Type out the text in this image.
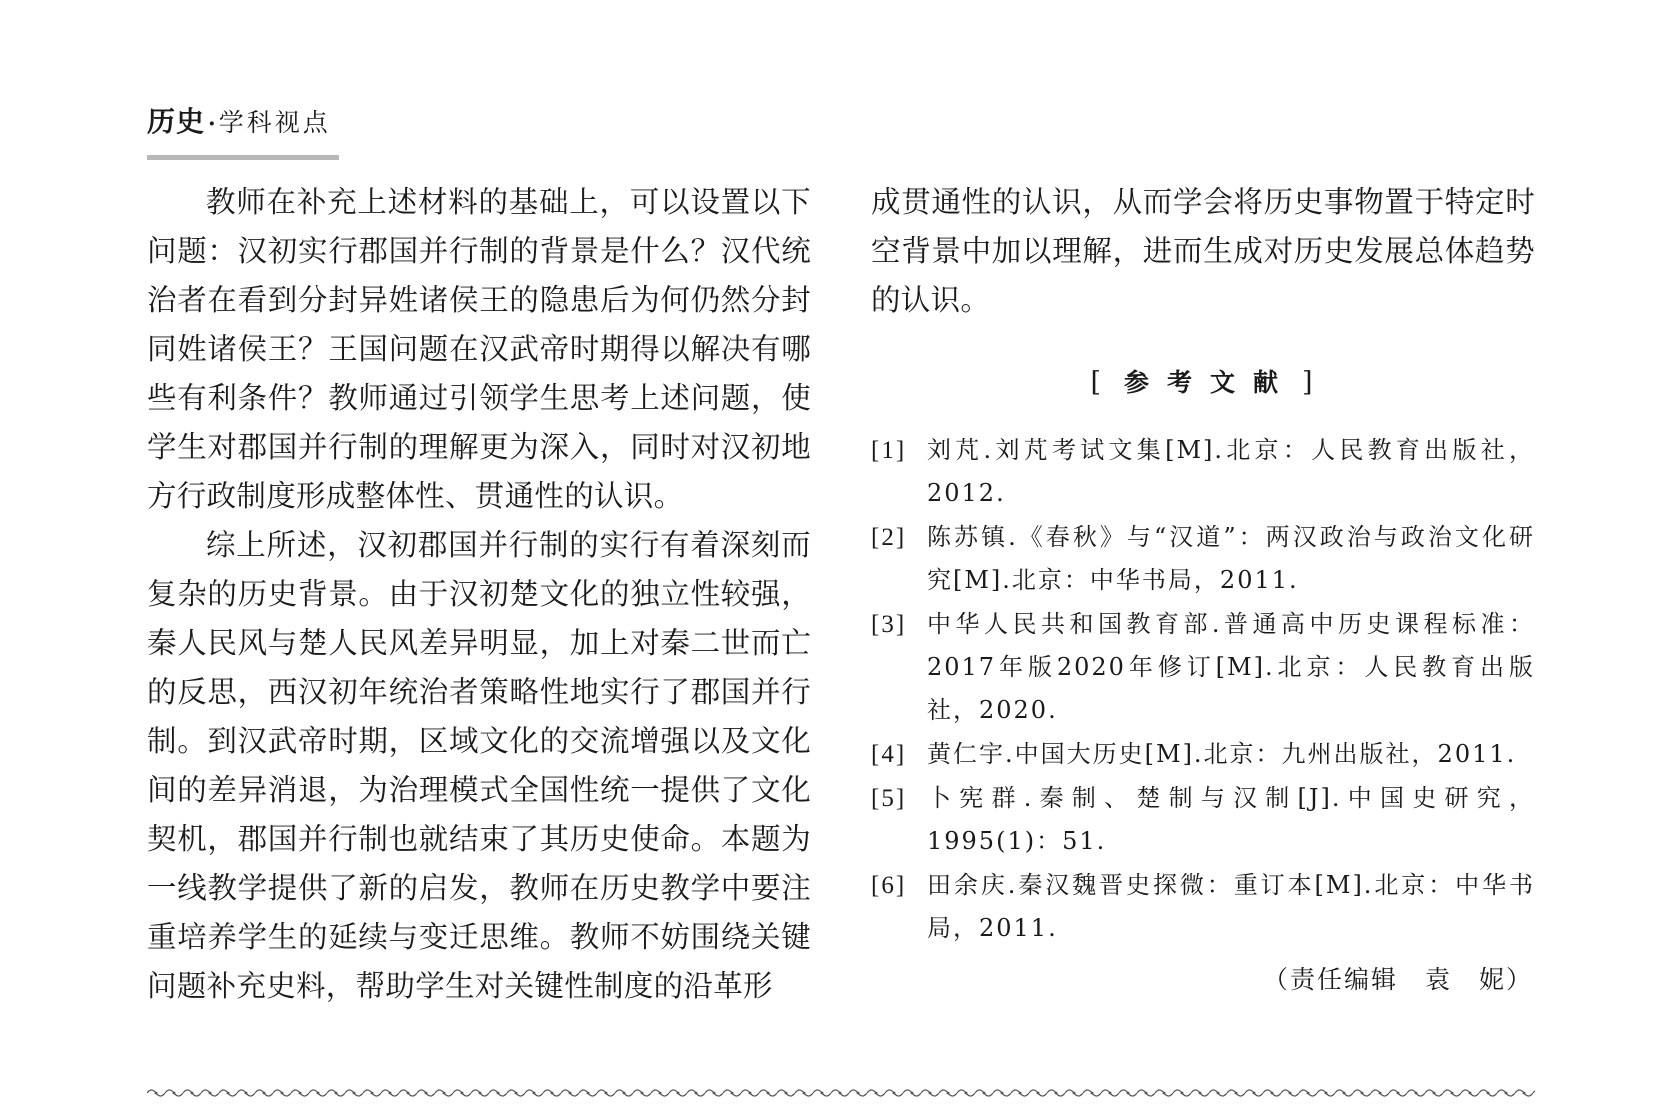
历史 · 学科视点

教师在补充上述材料的基础上，可以设置以下问题：汉初实行郡国并行制的背景是什么？汉代统治者在看到分封异姓诸侯王的隐患后为何仍然分封同姓诸侯王？王国问题在汉武帝时期得以解决有哪些有利条件？教师通过引领学生思考上述问题，使学生对郡国并行制的理解更为深入，同时对汉初地方行政制度形成整体性、贯通性的认识。

综上所述，汉初郡国并行制的实行有着深刻而复杂的历史背景。由于汉初楚文化的独立性较强，秦人民风与楚人民风差异明显，加上对秦二世而亡的反思，西汉初年统治者策略性地实行了郡国并行制。到汉武帝时期，区域文化的交流增强以及文化间的差异消退，为治理模式全国性统一提供了文化契机，郡国并行制也就结束了其历史使命。本题为一线教学提供了新的启发，教师在历史教学中要注重培养学生的延续与变迁思维。教师不妨围绕关键问题补充史料，帮助学生对关键性制度的沿革形

成贯通性的认识，从而学会将历史事物置于特定时空背景中加以理解，进而生成对历史发展总体趋势的认识。

[ 参考文献 ]
[1] 刘芃.刘芃考试文集[M].北京：人民教育出版社，2012.
[2] 陈苏镇.《春秋》与“汉道”：两汉政治与政治文化研究[M].北京：中华书局，2011.
[3] 中华人民共和国教育部.普通高中历史课程标准：2017年版2020年修订[M].北京：人民教育出版社，2020.
[4] 黄仁宇.中国大历史[M].北京：九州出版社，2011.
[5] 卜宪群.秦制、楚制与汉制[J].中国史研究，1995(1)：51.
[6] 田余庆.秦汉魏晋史探微：重订本[M].北京：中华书局，2011.
（责任编辑　袁　妮）
